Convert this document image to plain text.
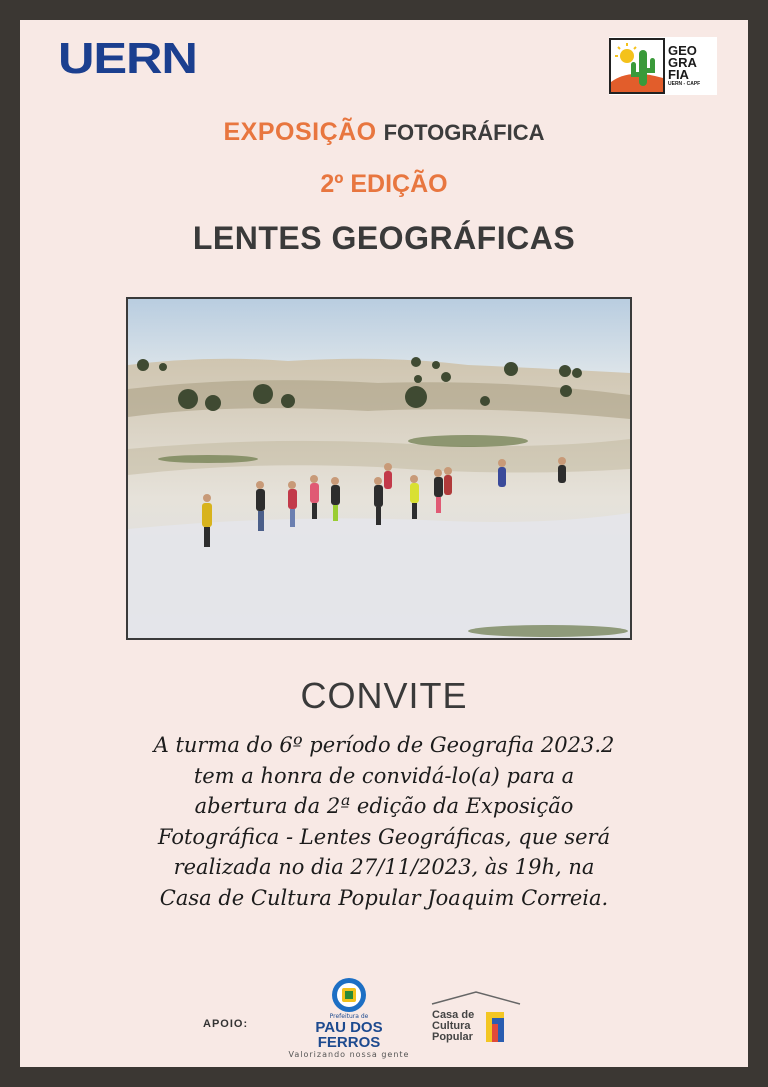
UERN	GEO
GRA
FIA
UERN - CAPF
EXPOSIÇÃO FOTOGRÁFICA
2º EDIÇÃO
LENTES GEOGRÁFICAS
CONVITE
A turma do 6º período de Geografia 2023.2
tem a honra de convidá-lo(a) para a
abertura da 2ª edição da Exposição
Fotográfica - Lentes Geográficas, que será
realizada no dia 27/11/2023, às 19h, na
Casa de Cultura Popular Joaquim Correia.
APOIO:
Prefeitura de
PAU DOS FERROS
Valorizando nossa gente
Casa de
Cultura
Popular
